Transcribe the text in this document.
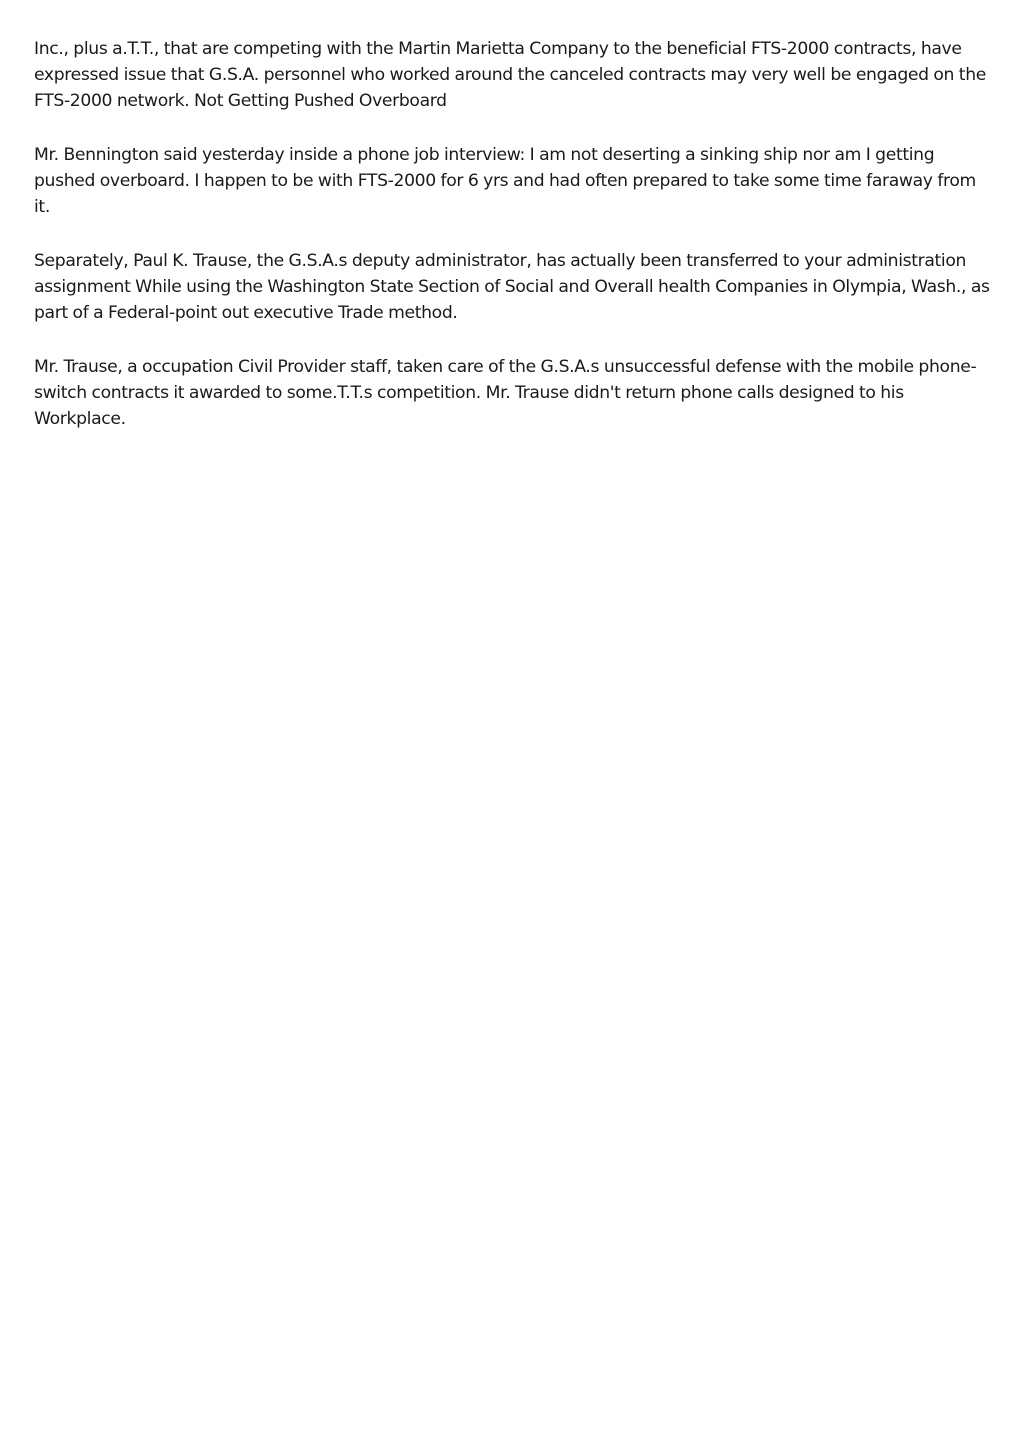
Inc., plus a.T.T., that are competing with the Martin Marietta Company to the beneficial FTS-2000 contracts, have expressed issue that G.S.A. personnel who worked around the canceled contracts may very well be engaged on the FTS-2000 network. Not Getting Pushed Overboard

Mr. Bennington said yesterday inside a phone job interview: I am not deserting a sinking ship nor am I getting pushed overboard. I happen to be with FTS-2000 for 6 yrs and had often prepared to take some time faraway from it.

Separately, Paul K. Trause, the G.S.A.s deputy administrator, has actually been transferred to your administration assignment While using the Washington State Section of Social and Overall health Companies in Olympia, Wash., as part of a Federal-point out executive Trade method.

Mr. Trause, a occupation Civil Provider staff, taken care of the G.S.A.s unsuccessful defense with the mobile phone-switch contracts it awarded to some.T.T.s competition. Mr. Trause didn't return phone calls designed to his Workplace.
